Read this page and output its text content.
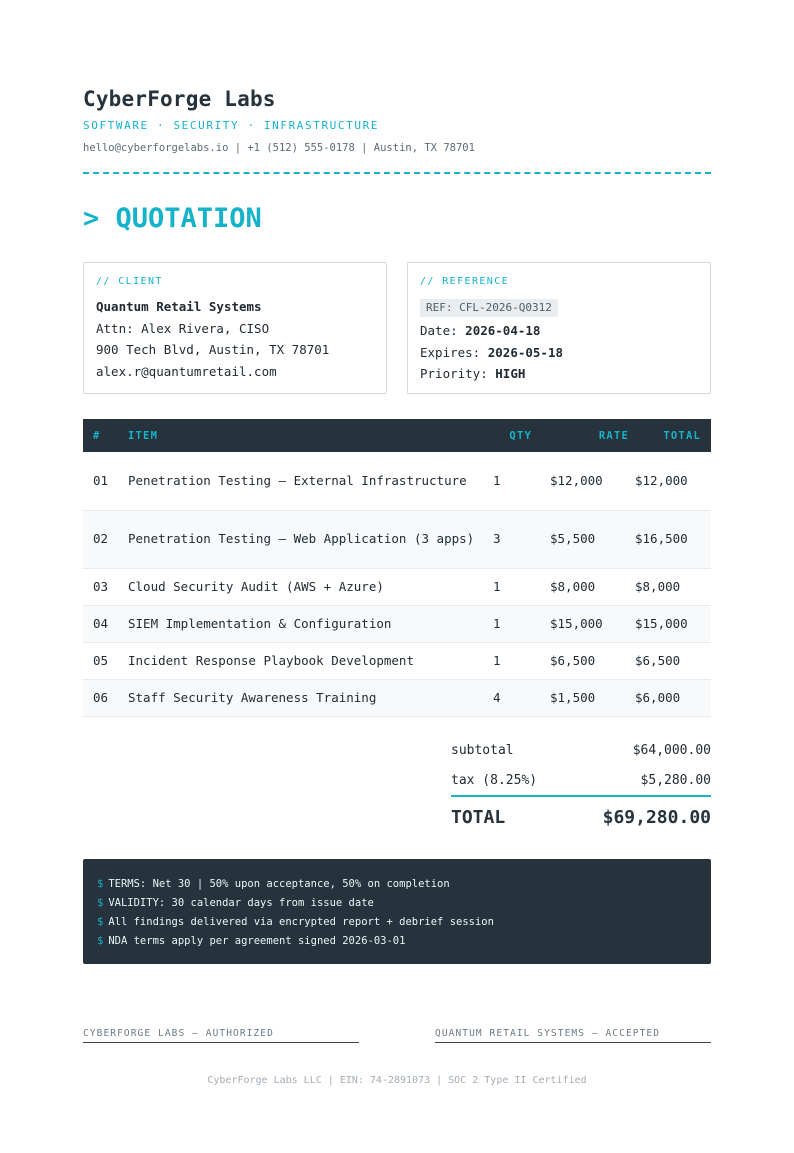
CyberForge Labs
SOFTWARE · SECURITY · INFRASTRUCTURE
hello@cyberforgelabs.io | +1 (512) 555-0178 | Austin, TX 78701
> QUOTATION
// CLIENT
Quantum Retail Systems
Attn: Alex Rivera, CISO
900 Tech Blvd, Austin, TX 78701
alex.r@quantumretail.com
// REFERENCE
REF: CFL-2026-Q0312
Date: 2026-04-18
Expires: 2026-05-18
Priority: HIGH
#	ITEM	QTY	RATE	TOTAL
01	Penetration Testing — External Infrastructure	1	$12,000	$12,000
02	Penetration Testing — Web Application (3 apps)	3	$5,500	$16,500
03	Cloud Security Audit (AWS + Azure)	1	$8,000	$8,000
04	SIEM Implementation & Configuration	1	$15,000	$15,000
05	Incident Response Playbook Development	1	$6,500	$6,500
06	Staff Security Awareness Training	4	$1,500	$6,000
subtotal	$64,000.00
tax (8.25%)	$5,280.00
TOTAL	$69,280.00
$ TERMS: Net 30 | 50% upon acceptance, 50% on completion
$ VALIDITY: 30 calendar days from issue date
$ All findings delivered via encrypted report + debrief session
$ NDA terms apply per agreement signed 2026-03-01
CYBERFORGE LABS — AUTHORIZED	QUANTUM RETAIL SYSTEMS — ACCEPTED
CyberForge Labs LLC | EIN: 74-2891073 | SOC 2 Type II Certified
